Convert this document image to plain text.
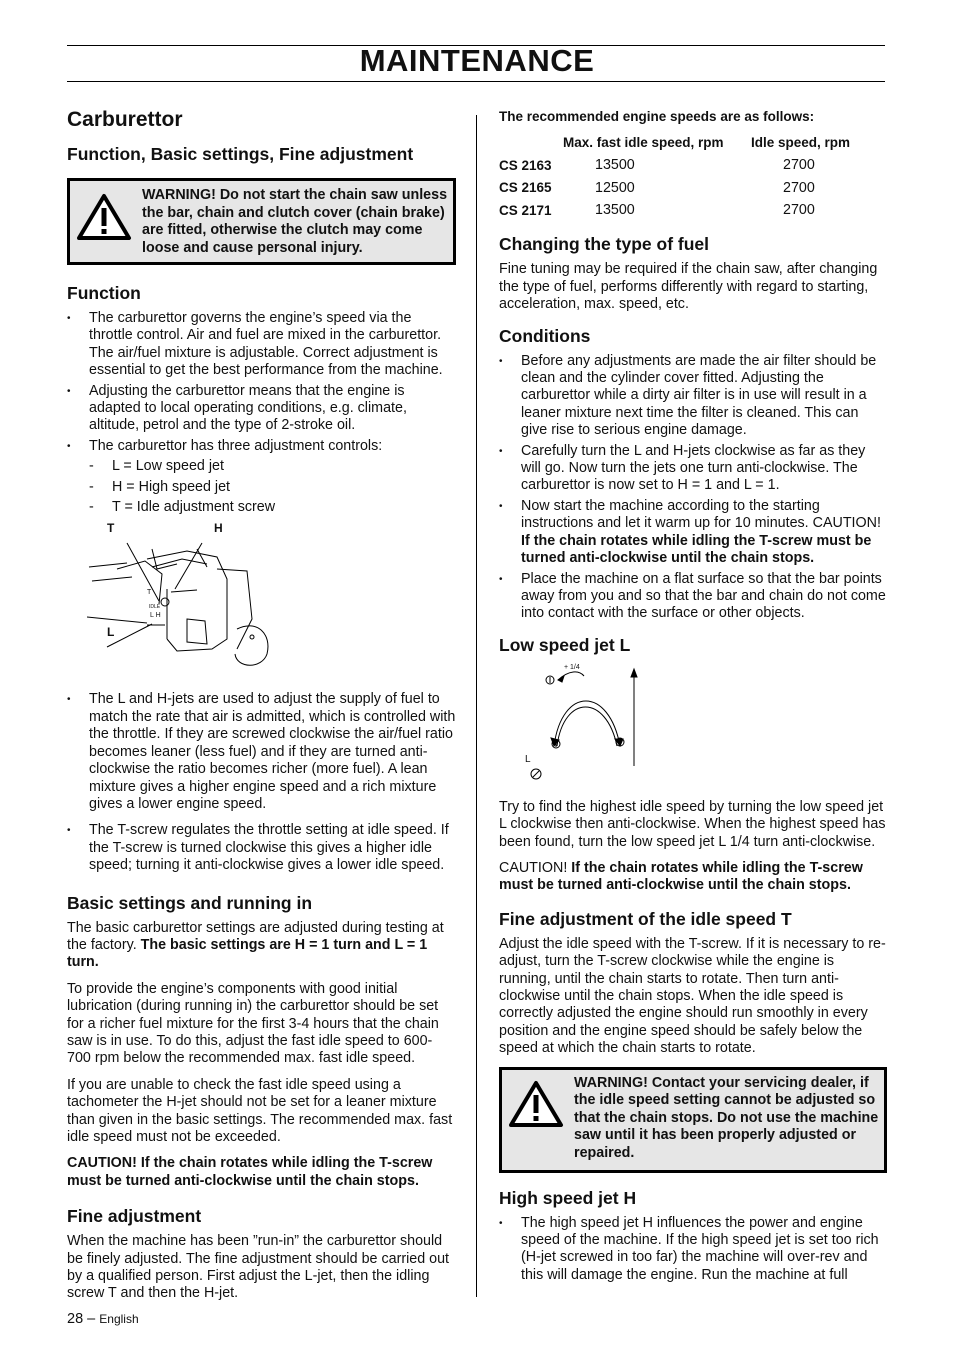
MAINTENANCE
Carburettor
Function, Basic settings, Fine adjustment
WARNING! Do not start the chain saw unless the bar, chain and clutch cover (chain brake) are fitted, otherwise the clutch may come loose and cause personal injury.
Function
• The carburettor governs the engine’s speed via the throttle control. Air and fuel are mixed in the carburettor. The air/fuel mixture is adjustable. Correct adjustment is essential to get the best performance from the machine.
• Adjusting the carburettor means that the engine is adapted to local operating conditions, e.g. climate, altitude, petrol and the type of 2-stroke oil.
• The carburettor has three adjustment controls:
- L = Low speed jet
- H = High speed jet
- T = Idle adjustment screw
T	H
L
T
IDLE
L H
• The L and H-jets are used to adjust the supply of fuel to match the rate that air is admitted, which is controlled with the throttle. If they are screwed clockwise the air/fuel ratio becomes leaner (less fuel) and if they are turned anti-clockwise the ratio becomes richer (more fuel). A lean mixture gives a higher engine speed and a rich mixture gives a lower engine speed.
• The T-screw regulates the throttle setting at idle speed. If the T-screw is turned clockwise this gives a higher idle speed; turning it anti-clockwise gives a lower idle speed.
Basic settings and running in

The basic carburettor settings are adjusted during testing at the factory. The basic settings are H = 1 turn and L = 1 turn.

To provide the engine’s components with good initial lubrication (during running in) the carburettor should be set for a richer fuel mixture for the first 3-4 hours that the chain saw is in use. To do this, adjust the fast idle speed to 600-700 rpm below the recommended max. fast idle speed.

If you are unable to check the fast idle speed using a tachometer the H-jet should not be set for a leaner mixture than given in the basic settings. The recommended max. fast idle speed must not be exceeded.

CAUTION! If the chain rotates while idling the T-screw must be turned anti-clockwise until the chain stops.

Fine adjustment

When the machine has been ”run-in” the carburettor should be finely adjusted. The fine adjustment should be carried out by a qualified person. First adjust the L-jet, then the idling screw T and then the H-jet.

The recommended engine speeds are as follows:

	Max. fast idle speed, rpm	Idle speed, rpm
CS 2163	13500	2700
CS 2165	12500	2700
CS 2171	13500	2700
Changing the type of fuel

Fine tuning may be required if the chain saw, after changing the type of fuel, performs differently with regard to starting, acceleration, max. speed, etc.

Conditions
• Before any adjustments are made the air filter should be clean and the cylinder cover fitted. Adjusting the carburettor while a dirty air filter is in use will result in a leaner mixture next time the filter is cleaned. This can give rise to serious engine damage.
• Carefully turn the L and H-jets clockwise as far as they will go. Now turn the jets one turn anti-clockwise. The carburettor is now set to H = 1 and L = 1.
• Now start the machine according to the starting instructions and let it warm up for 10 minutes. CAUTION! If the chain rotates while idling the T-screw must be turned anti-clockwise until the chain stops.
• Place the machine on a flat surface so that the bar points away from you and so that the bar and chain do not come into contact with the surface or other objects.
Low speed jet L
+ 1/4
L

Try to find the highest idle speed by turning the low speed jet L clockwise then anti-clockwise. When the highest speed has been found, turn the low speed jet L 1/4 turn anti-clockwise.

CAUTION! If the chain rotates while idling the T-screw must be turned anti-clockwise until the chain stops.

Fine adjustment of the idle speed T

Adjust the idle speed with the T-screw. If it is necessary to re-adjust, turn the T-screw clockwise while the engine is running, until the chain starts to rotate. Then turn anti-clockwise until the chain stops. When the idle speed is correctly adjusted the engine should run smoothly in every position and the engine speed should be safely below the speed at which the chain starts to rotate.

WARNING! Contact your servicing dealer, if the idle speed setting cannot be adjusted so that the chain stops. Do not use the machine saw until it has been properly adjusted or repaired.
High speed jet H
• The high speed jet H influences the power and engine speed of the machine. If the high speed jet is set too rich (H-jet screwed in too far) the machine will over-rev and this will damage the engine. Run the machine at full
28 – English
